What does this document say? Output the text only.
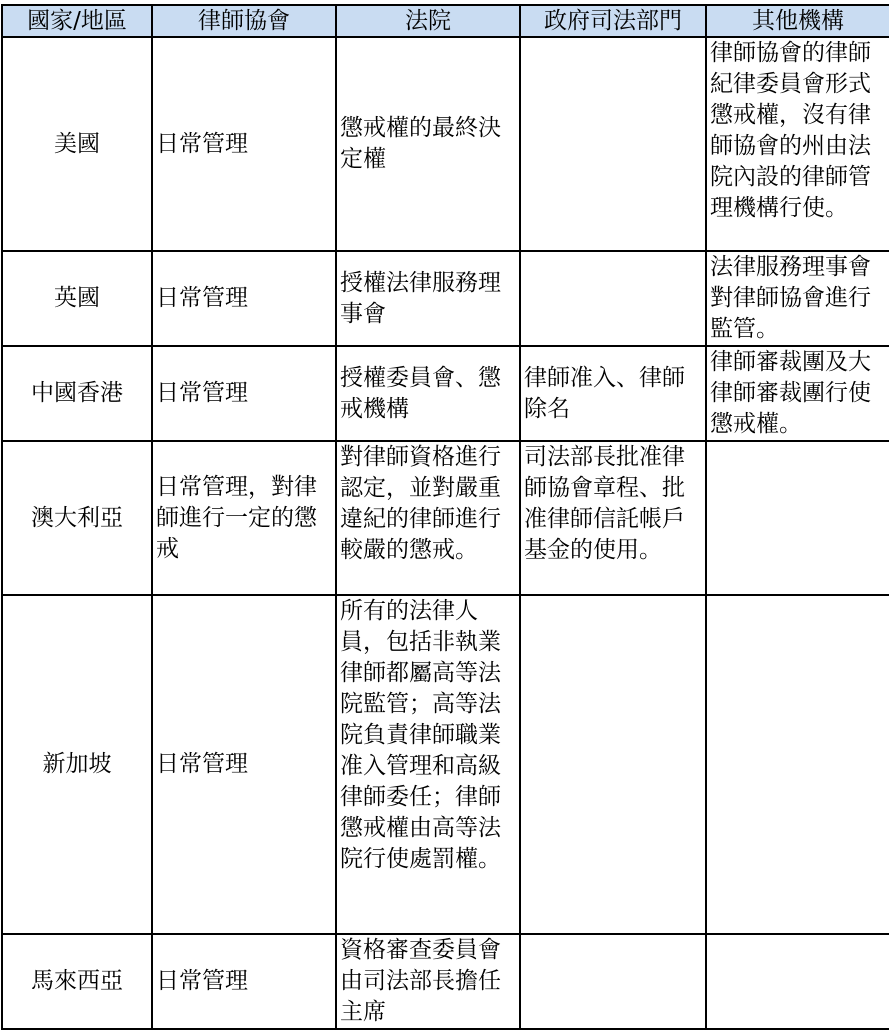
國家/地區	律師協會	法院	政府司法部門	其他機構
美國	日常管理	懲戒權的最終決定權		律師協會的律師紀律委員會形式懲戒權，沒有律師協會的州由法院內設的律師管理機構行使。
英國	日常管理	授權法律服務理事會		法律服務理事會對律師協會進行監管。
中國香港	日常管理	授權委員會、懲戒機構	律師准入、律師除名	律師審裁團及大律師審裁團行使懲戒權。
澳大利亞	日常管理，對律師進行一定的懲戒	對律師資格進行認定，並對嚴重違紀的律師進行較嚴的懲戒。	司法部長批准律師協會章程、批准律師信託帳戶基金的使用。	
新加坡	日常管理	所有的法律人員，包括非執業律師都屬高等法院監管；高等法院負責律師職業准入管理和高級律師委任；律師懲戒權由高等法院行使處罰權。		
馬來西亞	日常管理	資格審查委員會由司法部長擔任主席		
